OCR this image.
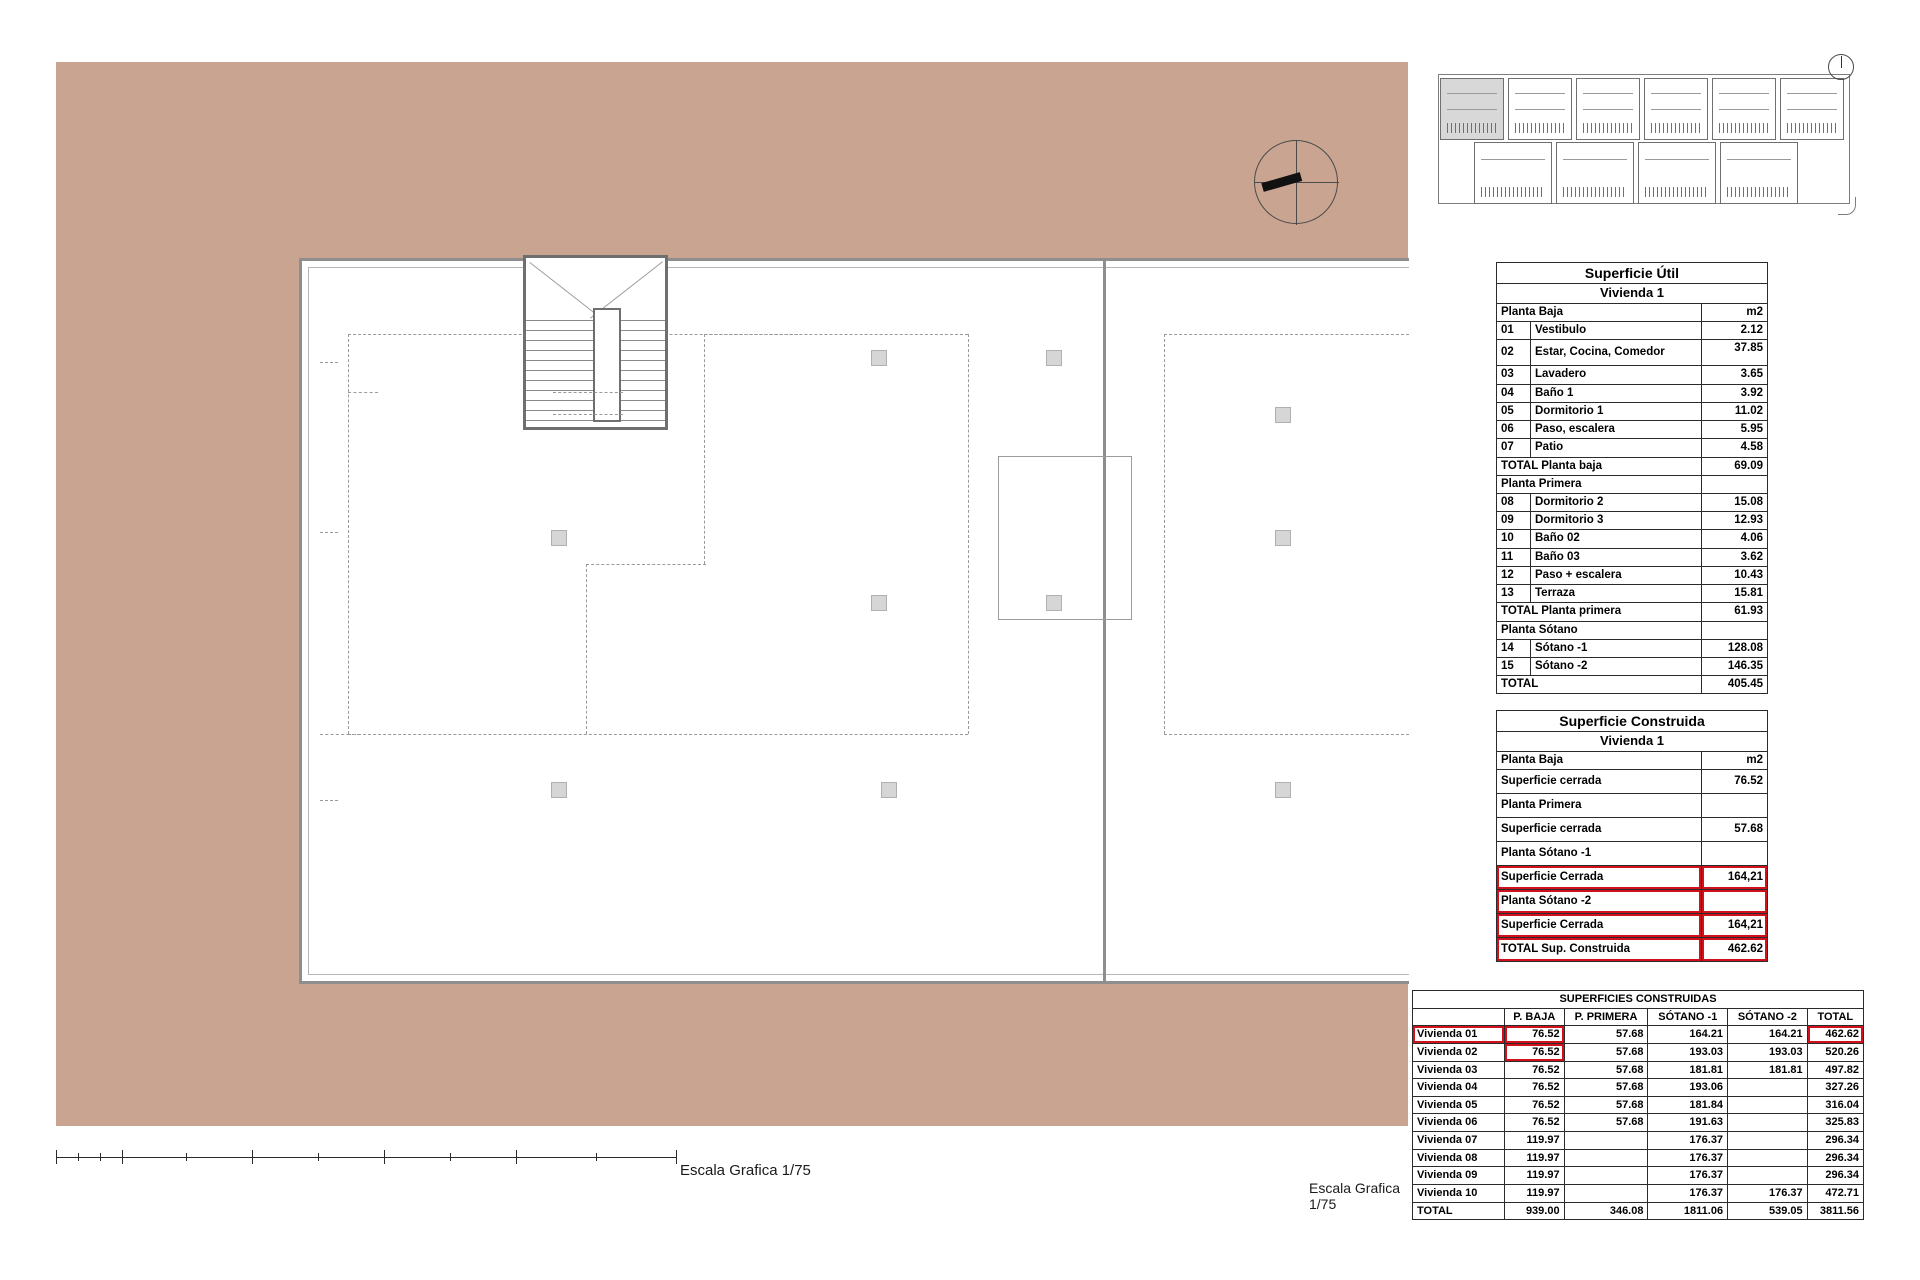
Escala Grafica 1/75
Escala Grafica 1/75
Superficie Útil		
Vivienda 1		
Planta Baja		m2
01	Vestibulo	2.12
02	Estar, Cocina, Comedor	37.85
03	Lavadero	3.65
04	Baño 1	3.92
05	Dormitorio 1	11.02
06	Paso, escalera	5.95
07	Patio	4.58
TOTAL Planta baja		69.09
Planta Primera		
08	Dormitorio 2	15.08
09	Dormitorio 3	12.93
10	Baño 02	4.06
11	Baño 03	3.62
12	Paso + escalera	10.43
13	Terraza	15.81
TOTAL Planta primera		61.93
Planta Sótano		
14	Sótano -1	128.08
15	Sótano -2	146.35
TOTAL		405.45
Superficie Construida	
Vivienda 1	
Planta Baja	m2
Superficie cerrada	76.52
Planta Primera	
Superficie cerrada	57.68
Planta Sótano -1	
Superficie Cerrada	164,21
Planta Sótano -2	
Superficie Cerrada	164,21
TOTAL Sup. Construida	462.62
SUPERFICIES CONSTRUIDAS					
	P. BAJA	P. PRIMERA	SÓTANO -1	SÓTANO -2	TOTAL
Vivienda 01	76.52	57.68	164.21	164.21	462.62
Vivienda 02	76.52	57.68	193.03	193.03	520.26
Vivienda 03	76.52	57.68	181.81	181.81	497.82
Vivienda 04	76.52	57.68	193.06		327.26
Vivienda 05	76.52	57.68	181.84		316.04
Vivienda 06	76.52	57.68	191.63		325.83
Vivienda 07	119.97		176.37		296.34
Vivienda 08	119.97		176.37		296.34
Vivienda 09	119.97		176.37		296.34
Vivienda 10	119.97		176.37	176.37	472.71
TOTAL	939.00	346.08	1811.06	539.05	3811.56
